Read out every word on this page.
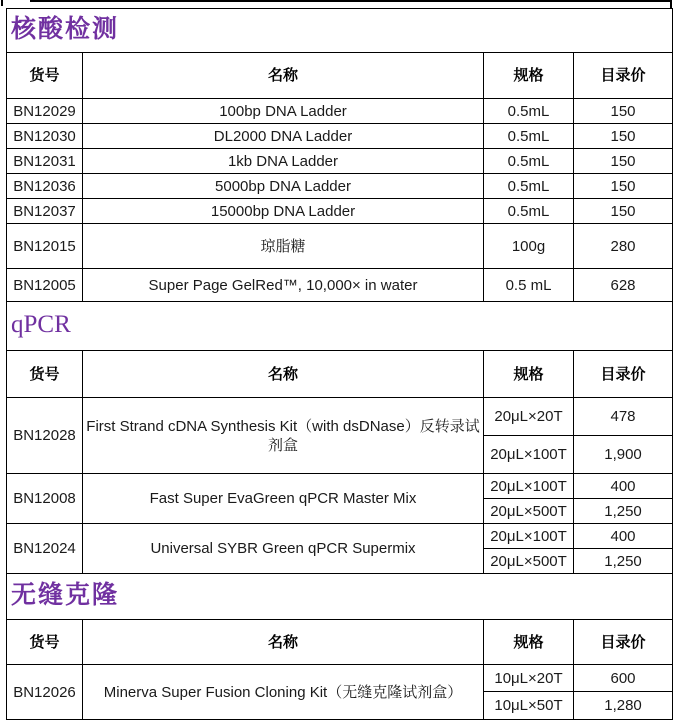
核酸检测			
货号	名称	规格	目录价
BN12029	100bp DNA Ladder	0.5mL	150
BN12030	DL2000 DNA Ladder	0.5mL	150
BN12031	1kb DNA Ladder	0.5mL	150
BN12036	5000bp DNA Ladder	0.5mL	150
BN12037	15000bp DNA Ladder	0.5mL	150
BN12015	琼脂糖	100g	280
BN12005	Super Page GelRed™, 10,000× in water	0.5 mL	628
qPCR			
货号	名称	规格	目录价
BN12028	First Strand cDNA Synthesis Kit（with dsDNase）反转录试剂盒	20μL×20T	478
		20μL×100T	1,900
BN12008	Fast Super EvaGreen qPCR Master Mix	20μL×100T	400
		20μL×500T	1,250
BN12024	Universal SYBR Green qPCR Supermix	20μL×100T	400
		20μL×500T	1,250
无缝克隆			
货号	名称	规格	目录价
BN12026	Minerva Super Fusion Cloning Kit（无缝克隆试剂盒）	10μL×20T	600
		10μL×50T	1,280
